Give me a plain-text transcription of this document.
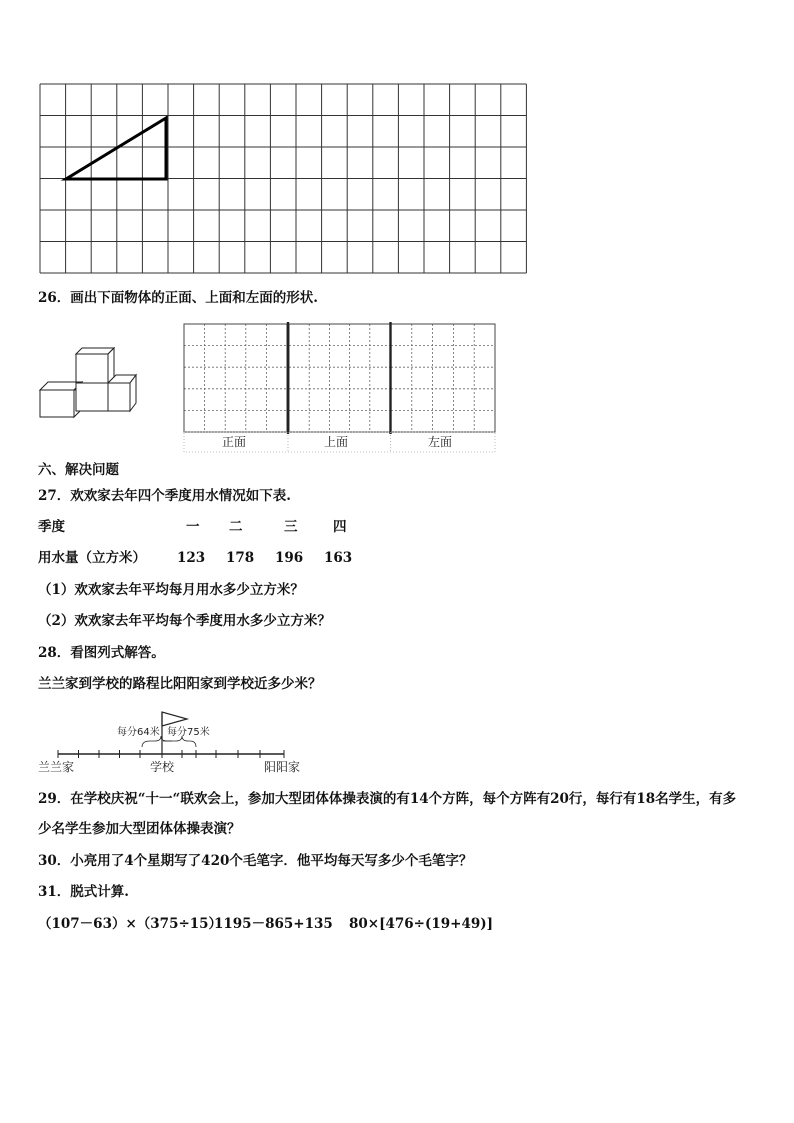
26．画出下面物体的正面、上面和左面的形状.
正面	上面	左面
六、解决问题
27．欢欢家去年四个季度用水情况如下表.
季度	一 二	三	四
用水量（立方米） 123 178 196 163
（1）欢欢家去年平均每月用水多少立方米？
（2）欢欢家去年平均每个季度用水多少立方米？
28．看图列式解答。
兰兰家到学校的路程比阳阳家到学校近多少米？
每分64米 每分75米
兰兰家	学校	阳阳家
29．在学校庆祝“十一“联欢会上，参加大型团体体操表演的有14个方阵，每个方阵有20行，每行有18名学生，有多
少名学生参加大型团体体操表演？
30．小亮用了4个星期写了420个毛笔字．他平均每天写多少个毛笔字？
31．脱式计算.
（107－63）×（375÷15）
1195－865+135 80×[476÷(19+49)]
